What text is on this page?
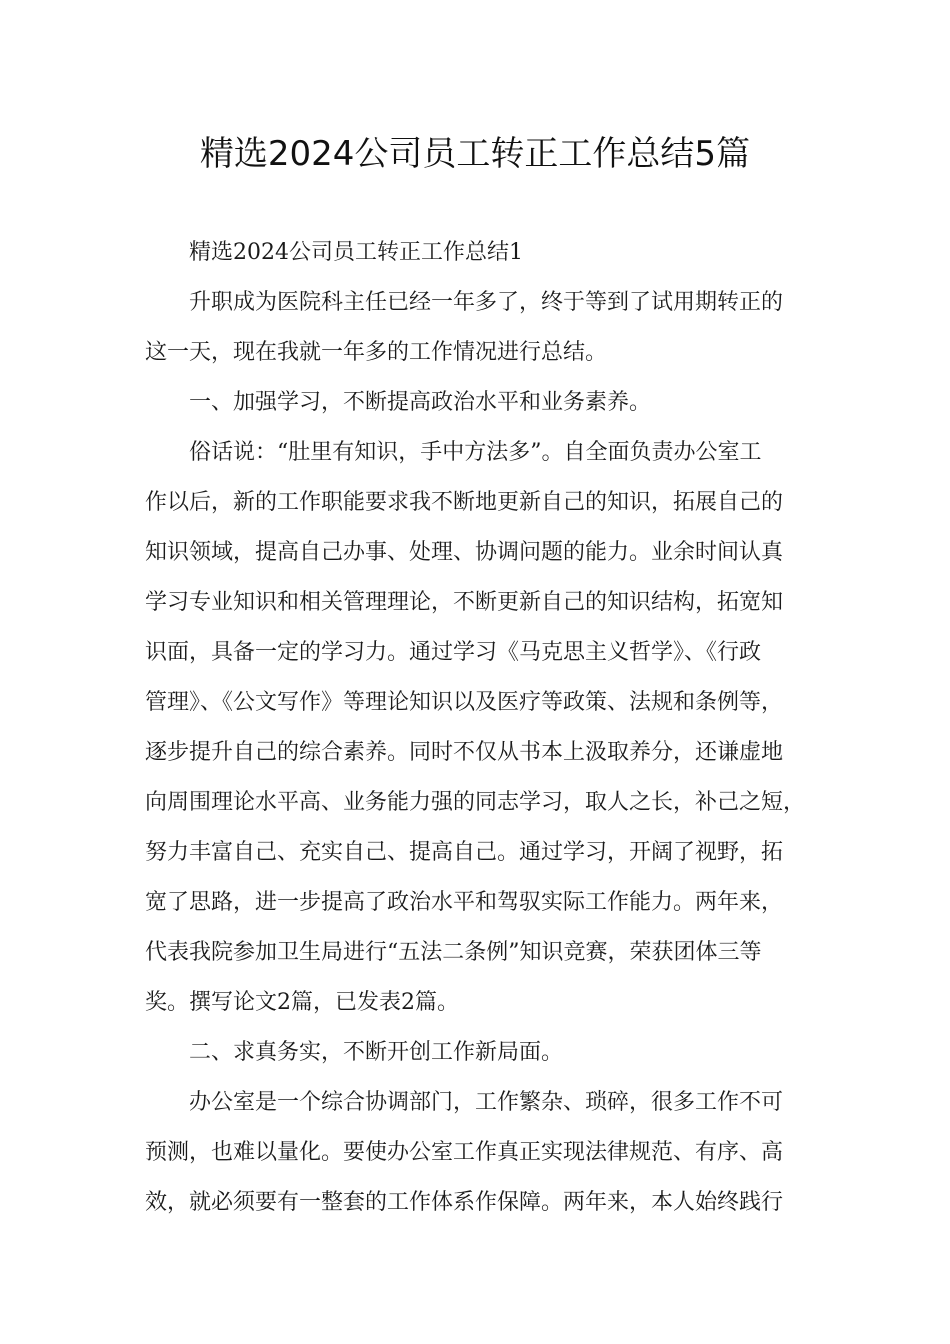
精选2024公司员工转正工作总结5篇
精选2024公司员工转正工作总结1
升职成为医院科主任已经一年多了，终于等到了试用期转正的
这一天，现在我就一年多的工作情况进行总结。
一、加强学习，不断提高政治水平和业务素养。
俗话说：“肚里有知识，手中方法多”。自全面负责办公室工
作以后，新的工作职能要求我不断地更新自己的知识，拓展自己的
知识领域，提高自己办事、处理、协调问题的能力。业余时间认真
学习专业知识和相关管理理论，不断更新自己的知识结构，拓宽知
识面，具备一定的学习力。通过学习《马克思主义哲学》、《行政
管理》、《公文写作》等理论知识以及医疗等政策、法规和条例等，
逐步提升自己的综合素养。同时不仅从书本上汲取养分，还谦虚地
向周围理论水平高、业务能力强的同志学习，取人之长，补己之短，
努力丰富自己、充实自己、提高自己。通过学习，开阔了视野，拓
宽了思路，进一步提高了政治水平和驾驭实际工作能力。两年来，
代表我院参加卫生局进行“五法二条例”知识竞赛，荣获团体三等
奖。撰写论文2篇，已发表2篇。
二、求真务实，不断开创工作新局面。
办公室是一个综合协调部门，工作繁杂、琐碎，很多工作不可
预测，也难以量化。要使办公室工作真正实现法律规范、有序、高
效，就必须要有一整套的工作体系作保障。两年来，本人始终践行
